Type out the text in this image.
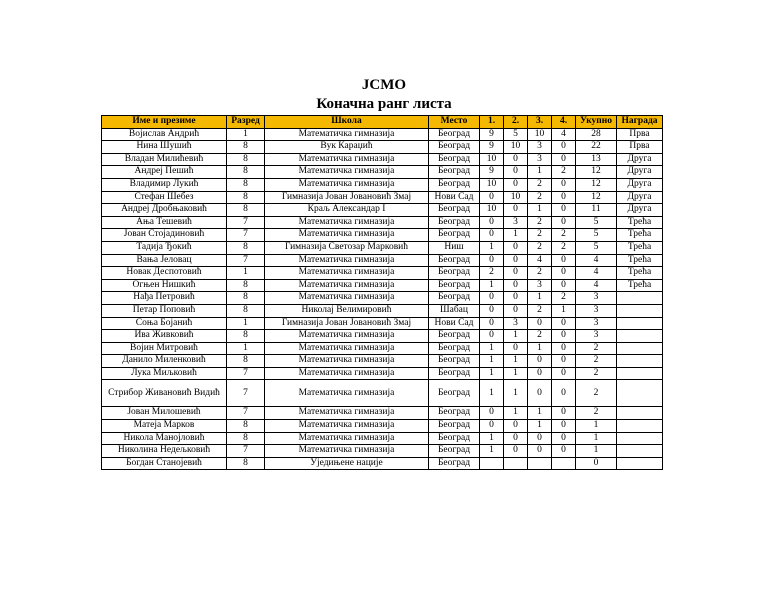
ЈСМО
Коначна ранг листа
Име и презиме	Разред	Школа	Место	1.	2.	3.	4.	Укупно	Награда
Војислав Андрић	1	Математичка гимназија	Београд	9	5	10	4	28	Прва
Нина Шушић	8	Вук Караџић	Београд	9	10	3	0	22	Прва
Владан Милићевић	8	Математичка гимназија	Београд	10	0	3	0	13	Друга
Андреј Пешић	8	Математичка гимназија	Београд	9	0	1	2	12	Друга
Владимир Лукић	8	Математичка гимназија	Београд	10	0	2	0	12	Друга
Стефан Шебез	8	Гимназија Јован Јовановић Змај	Нови Сад	0	10	2	0	12	Друга
Андреј Дробњаковић	8	Краљ Александар I	Београд	10	0	1	0	11	Друга
Ања Тешевић	7	Математичка гимназија	Београд	0	3	2	0	5	Трећа
Јован Стојадиновић	7	Математичка гимназија	Београд	0	1	2	2	5	Трећа
Тадија Ђокић	8	Гимназија Светозар Марковић	Ниш	1	0	2	2	5	Трећа
Вања Јеловац	7	Математичка гимназија	Београд	0	0	4	0	4	Трећа
Новак Деспотовић	1	Математичка гимназија	Београд	2	0	2	0	4	Трећа
Огњен Нишкић	8	Математичка гимназија	Београд	1	0	3	0	4	Трећа
Нађа Петровић	8	Математичка гимназија	Београд	0	0	1	2	3	
Петар Поповић	8	Николај Велимировић	Шабац	0	0	2	1	3	
Соња Бојанић	1	Гимназија Јован Јовановић Змај	Нови Сад	0	3	0	0	3	
Ива Живковић	8	Математичка гимназија	Београд	0	1	2	0	3	
Војин Митровић	1	Математичка гимназија	Београд	1	0	1	0	2	
Данило Миленковић	8	Математичка гимназија	Београд	1	1	0	0	2	
Лука Миљковић	7	Математичка гимназија	Београд	1	1	0	0	2	
Стрибор Живановић Видић	7	Математичка гимназија	Београд	1	1	0	0	2	
Јован Милошевић	7	Математичка гимназија	Београд	0	1	1	0	2	
Матеја Марков	8	Математичка гимназија	Београд	0	0	1	0	1	
Никола Манојловић	8	Математичка гимназија	Београд	1	0	0	0	1	
Николина Недељковић	7	Математичка гимназија	Београд	1	0	0	0	1	
Богдан Станојевић	8	Уједињене нације	Београд					0	
